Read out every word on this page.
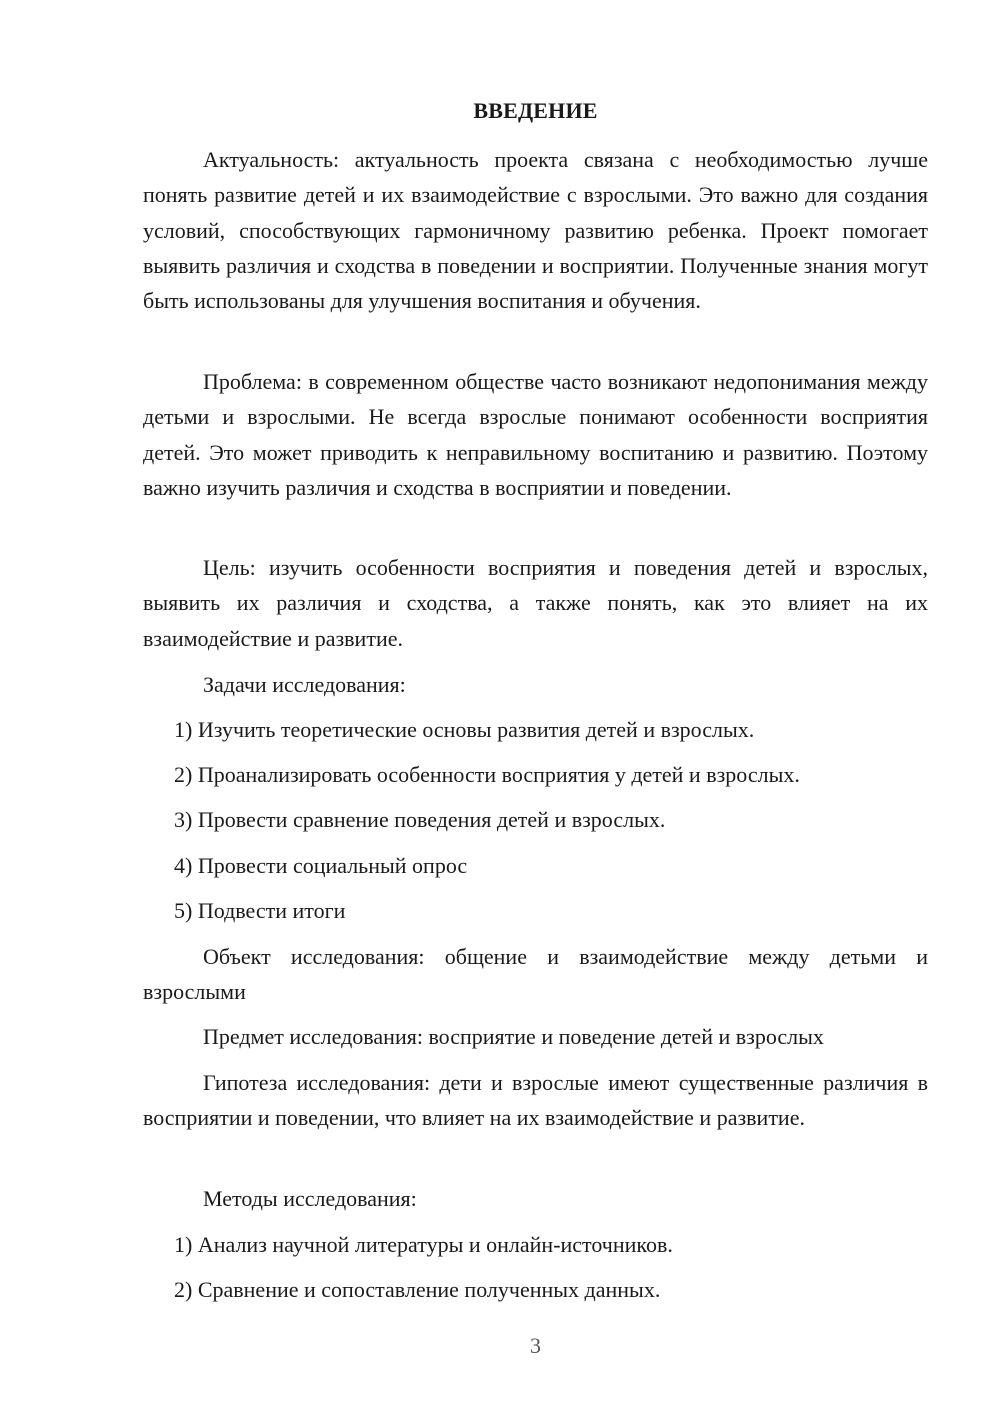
ВВЕДЕНИЕ

Актуальность: актуальность проекта связана с необходимостью лучше понять развитие детей и их взаимодействие с взрослыми. Это важно для создания условий, способствующих гармоничному развитию ребенка. Проект помогает выявить различия и сходства в поведении и восприятии. Полученные знания могут быть использованы для улучшения воспитания и обучения.

Проблема: в современном обществе часто возникают недопонимания между детьми и взрослыми. Не всегда взрослые понимают особенности восприятия детей. Это может приводить к неправильному воспитанию и развитию. Поэтому важно изучить различия и сходства в восприятии и поведении.

Цель: изучить особенности восприятия и поведения детей и взрослых, выявить их различия и сходства, а также понять, как это влияет на их взаимодействие и развитие.

Задачи исследования:

1) Изучить теоретические основы развития детей и взрослых.

2) Проанализировать особенности восприятия у детей и взрослых.

3) Провести сравнение поведения детей и взрослых.

4) Провести социальный опрос

5) Подвести итоги

Объект исследования: общение и взаимодействие между детьми и взрослыми

Предмет исследования: восприятие и поведение детей и взрослых

Гипотеза исследования: дети и взрослые имеют существенные различия в восприятии и поведении, что влияет на их взаимодействие и развитие.

Методы исследования:

1) Анализ научной литературы и онлайн-источников.

2) Сравнение и сопоставление полученных данных.

3
